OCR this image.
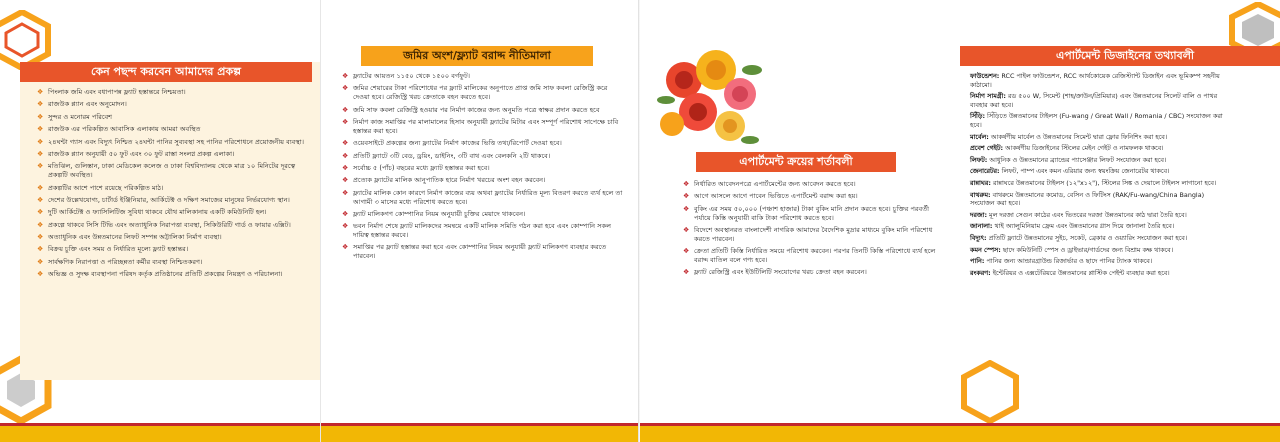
কেন পছন্দ করবেন আমাদের প্রকল্প
❖ পিংলাক জমি এবং বধাপাপন্ন ফ্ল্যাট হস্তান্তরে নিশ্চয়তা।
❖ রাজউক প্ল্যান এবং অনুমোদন।
❖ সুন্দর ও মনোরম পরিবেশ
❖ রাজউক এর পরিকল্পিত আবাসিক এলাকায় আমরা অবস্থিত
❖ ২৪ঘন্টা গ্যাস এবং বিদ্যুৎ নিশ্চিত ২৪ঘন্টা পানির সুব্যবস্থা সহ পানির পরিশোধনে প্রয়োজনীয় ব্যবস্থা।
❖ রাজউক প্ল্যান অনুযায়ী ৫০ ফুট এবং ৩০ ফুট রাস্তা সংলগ্ন প্রকল্প এলাকা।
❖ মতিঝিল, গুলিস্তান, ঢাকা মেডিকেল কলেজ ও ঢাকা বিশ্ববিদ্যালয় থেকে মাত্র ১০ মিনিটের দূরত্বে প্রকল্পটি অবস্থিত।
❖ প্রকল্পটির আশে পাশে রয়েছে পরিকল্পিত মাঠ।
❖ দেশের উল্লেখযোগ্য, চার্টার্ড ইঞ্জিনিয়ার, আর্কিটেক্ট ও দক্ষিণ সমাজের মানুষের নির্ভরযোগ্য স্থান।
❖ দুটি আর্কিটেক্ট ও ফ্যাসিলিটিজ সুবিধা থাকবে যৌথ মালিকানায় একটি কমিউনিটি হল।
❖ প্রকল্পে থাকবে সিসি টিভি এবং অত্যাধুনিক নিরাপত্তা ব্যবস্থা, সিকিউরিটি গার্ড ও ফায়ার এক্সিট।
❖ অত্যাধুনিক এবং উন্নতমানের লিফট সম্পন্ন অট্টালিকা নির্মাণ ব্যবস্থা।
❖ বিক্রয় চুক্তি এবং সময় ও নির্ধারিত মূল্যে ফ্ল্যাট হস্তান্তর।
❖ সার্বক্ষণিক নিরাপত্তা ও পরিচ্ছন্নতা কর্মীর ব্যবস্থা নিশ্চিতকরণ।
❖ অভিজ্ঞ ও সুদক্ষ ব্যবস্থাপনা পরিষদ কর্তৃক প্রতিষ্ঠানের প্রতিটি প্রকল্পের নিয়ন্ত্রণ ও পরিচালনা।
জমির অংশ/ফ্ল্যাট বরাদ্দ নীতিমালা
❖ ফ্ল্যাটের আয়তন ১১৫০ থেকে ১৫০০ বর্গফুট।
❖ জমির শেয়ারের টাকা পরিশোধের পর ফ্ল্যাট মালিকের অনুপাতে প্রাপ্ত জমি সাফ কবলা রেজিস্ট্রি করে দেওয়া হবে। রেজিস্ট্রি খরচ ক্রেতাকে বহন করতে হবে।
❖ জমি সাফ কবলা রেজিস্ট্রি হওয়ার পর নির্মাণ কাজের জন্য অনুমতি পত্রে স্বাক্ষর প্রদান করতে হবে
❖ নির্মাণ কাজ সমাপ্তির পর মালামালের হিসাব অনুযায়ী ফ্ল্যাটের মিটার এবং সম্পূর্ণ পরিশোধ সাপেক্ষে চাবি হস্তান্তর করা হবে।
❖ ওয়েবসাইটে প্রকল্পের জন্য ফ্ল্যাটের নির্মাণ কাজের ভিত্তি তথ্য/রিপোর্ট দেওয়া হবে।
❖ প্রতিটি ফ্ল্যাটে ৩টি বেড, ড্রয়িং, ডাইনিং, ৩টি বাথ এবং বেলকনি ২টি থাকবে।
❖ সর্বোচ্চ ৫ (পাঁচ) বছরের মধ্যে ফ্ল্যাট হস্তান্তর করা হবে।
❖ প্রত্যেক ফ্ল্যাটের মালিক আনুপাতিক হারে নির্মাণ খরচের অংশ বহন করবেন।
❖ ফ্ল্যাটের মালিক কোন কারণে নির্মাণ কাজের ব্যয় অথবা ফ্ল্যাটের নির্ধারিত মূল্য বিতরণ করতে ব্যর্থ হলে তা আগামী ৩ মাসের মধ্যে পরিশোধ করতে হবে।
❖ ফ্ল্যাট মালিকগণ কোম্পানির নিয়ম অনুযায়ী চুক্তির মেয়াদে থাকবেন।
❖ ভবন নির্মাণ শেষে ফ্ল্যাট মালিকদের সমন্বয়ে একটি মালিক সমিতি গঠন করা হবে এবং কোম্পানি সকল দায়িত্ব হস্তান্তর করবে।
❖ সমাপ্তির পর ফ্ল্যাট হস্তান্তর করা হবে এবং কোম্পানির নিয়ম অনুযায়ী ফ্ল্যাট মালিকগণ ব্যবহার করতে পারবেন।
এপার্টমেন্ট ক্রয়ের শর্তাবলী
❖ নির্ধারিত আবেদনপত্রে এপার্টমেন্টের জন্য আবেদন করতে হবে।
❖ আগে আসলে আগে পাবেন ভিত্তিতে এপার্টমেন্ট বরাদ্দ করা হয়।
❖ বুকিং এর সময় ৫০,০০০ (পঞ্চাশ হাজার) টাকা বুকিং মানি প্রদান করতে হবে। চুক্তির পরবর্তী পর্যায়ে কিস্তি অনুযায়ী বাকি টাকা পরিশোধ করতে হবে।
❖ বিদেশে অবস্থানরত বাংলাদেশী নাগরিক আমাদের বৈদেশিক মুদ্রার মাধ্যমে বুকিং মানি পরিশোধ করতে পারবেন।
❖ ক্রেতা প্রতিটি কিস্তি নির্ধারিত সময়ে পরিশোধ করবেন। পরপর তিনটি কিস্তি পরিশোধে ব্যর্থ হলে বরাদ্দ বাতিল বলে গণ্য হবে।
❖ ফ্ল্যাট রেজিস্ট্রি এবং ইউটিলিটি সংযোগের খরচ ক্রেতা বহন করবেন।
এপার্টমেন্ট ডিজাইনের তথ্যাবলী

ফাউন্ডেশন: RCC পাইল ফাউন্ডেশন, RCC আর্থকোয়েক রেজিস্ট্যান্ট ডিজাইন এবং ভূমিকম্প সহনীয় কাঠামো।

নির্মাণ সামগ্রী: রড ৫০০ W, সিমেন্ট (শাহ/ক্রাউন/প্রিমিয়ার) এবং উন্নতমানের সিলেট বালি ও পাথর ব্যবহার করা হবে।

সিঁড়ি: সিঁড়িতে উন্নতমানের টাইলস (Fu-wang / Great Wall / Romania / CBC) সংযোজন করা হবে।

মার্বেল: আকর্ষণীয় মার্বেল ও উন্নতমানের সিমেন্ট দ্বারা ফ্লোর ফিনিশিং করা হবে।

প্রবেশ গেইট: আকর্ষণীয় ডিজাইনের স্টিলের মেইন গেইট ও নামফলক থাকবে।

লিফট: আধুনিক ও উন্নতমানের ব্র্যান্ডের প্যাসেঞ্জার লিফট সংযোজন করা হবে।

জেনারেটর: লিফট, পাম্প এবং কমন এরিয়ার জন্য স্বয়ংক্রিয় জেনারেটর থাকবে।

রান্নাঘর: রান্নাঘরে উন্নতমানের টাইলস (১২"x১২"), স্টিলের সিঙ্ক ও দেয়ালে টাইলস লাগানো হবে।

বাথরুম: বাথরুমে উন্নতমানের কমোড, বেসিন ও ফিটিংস (RAK/Fu-wang/China Bangla) সংযোজন করা হবে।

দরজা: মূল দরজা সেগুন কাঠের এবং ভিতরের দরজা উন্নতমানের কাঠ দ্বারা তৈরি হবে।

জানালা: থাই অ্যালুমিনিয়াম ফ্রেম এবং উন্নতমানের গ্লাস দিয়ে জানালা তৈরি হবে।

বিদ্যুৎ: প্রতিটি ফ্ল্যাটে উন্নতমানের সুইচ, সকেট, ব্রেকার ও ওয়্যারিং সংযোজন করা হবে।

কমন স্পেস: ছাদে কমিউনিটি স্পেস ও ড্রাইভার/গার্ডদের জন্য বিশ্রাম কক্ষ থাকবে।

পানি: পানির জন্য আন্ডারগ্রাউন্ড রিজার্ভার ও ছাদে পানির ট্যাংক থাকবে।

রংকরণ: ইন্টেরিয়র ও এক্সটেরিয়রে উন্নতমানের প্লাস্টিক পেইন্ট ব্যবহার করা হবে।
